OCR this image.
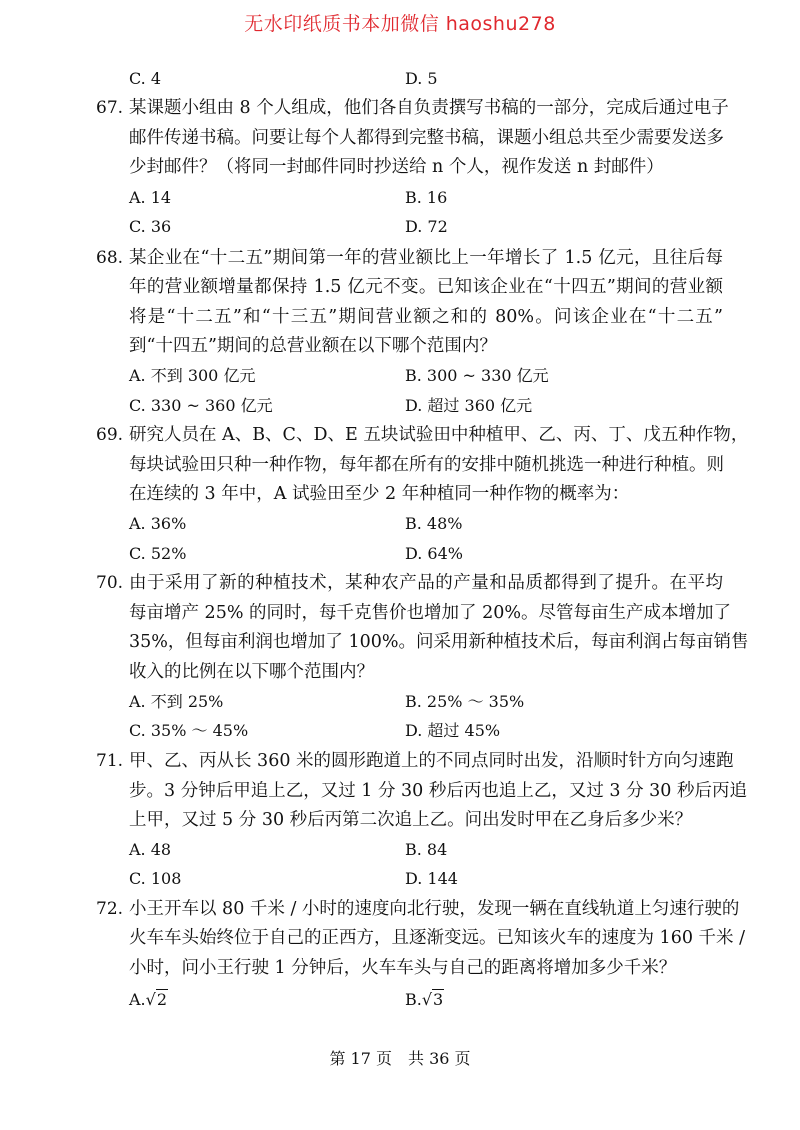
无水印纸质书本加微信 haoshu278
C. 4	D. 5
67. 某课题小组由 8 个人组成，他们各自负责撰写书稿的一部分，完成后通过电子
邮件传递书稿。问要让每个人都得到完整书稿，课题小组总共至少需要发送多
少封邮件？（将同一封邮件同时抄送给 n 个人，视作发送 n 封邮件）
A. 14	B. 16
C. 36	D. 72
68. 某企业在“十二五”期间第一年的营业额比上一年增长了 1.5 亿元，且往后每
年的营业额增量都保持 1.5 亿元不变。已知该企业在“十四五”期间的营业额
将是“十二五”和“十三五”期间营业额之和的 80%。问该企业在“十二五”
到“十四五”期间的总营业额在以下哪个范围内？
A. 不到 300 亿元	B. 300 ~ 330 亿元
C. 330 ~ 360 亿元	D. 超过 360 亿元
69. 研究人员在 A、B、C、D、E 五块试验田中种植甲、乙、丙、丁、戊五种作物，
每块试验田只种一种作物，每年都在所有的安排中随机挑选一种进行种植。则
在连续的 3 年中，A 试验田至少 2 年种植同一种作物的概率为：
A. 36%	B. 48%
C. 52%	D. 64%
70. 由于采用了新的种植技术，某种农产品的产量和品质都得到了提升。在平均
每亩增产 25% 的同时，每千克售价也增加了 20%。尽管每亩生产成本增加了
35%，但每亩利润也增加了 100%。问采用新种植技术后，每亩利润占每亩销售
收入的比例在以下哪个范围内？
A. 不到 25%	B. 25% ～ 35%
C. 35% ～ 45%	D. 超过 45%
71. 甲、乙、丙从长 360 米的圆形跑道上的不同点同时出发，沿顺时针方向匀速跑
步。3 分钟后甲追上乙，又过 1 分 30 秒后丙也追上乙，又过 3 分 30 秒后丙追
上甲，又过 5 分 30 秒后丙第二次追上乙。问出发时甲在乙身后多少米？
A. 48	B. 84
C. 108	D. 144
72. 小王开车以 80 千米 / 小时的速度向北行驶，发现一辆在直线轨道上匀速行驶的
火车车头始终位于自己的正西方，且逐渐变远。已知该火车的速度为 160 千米 /
小时，问小王行驶 1 分钟后，火车车头与自己的距离将增加多少千米？
A.√2	B.√3
第 17 页　共 36 页
